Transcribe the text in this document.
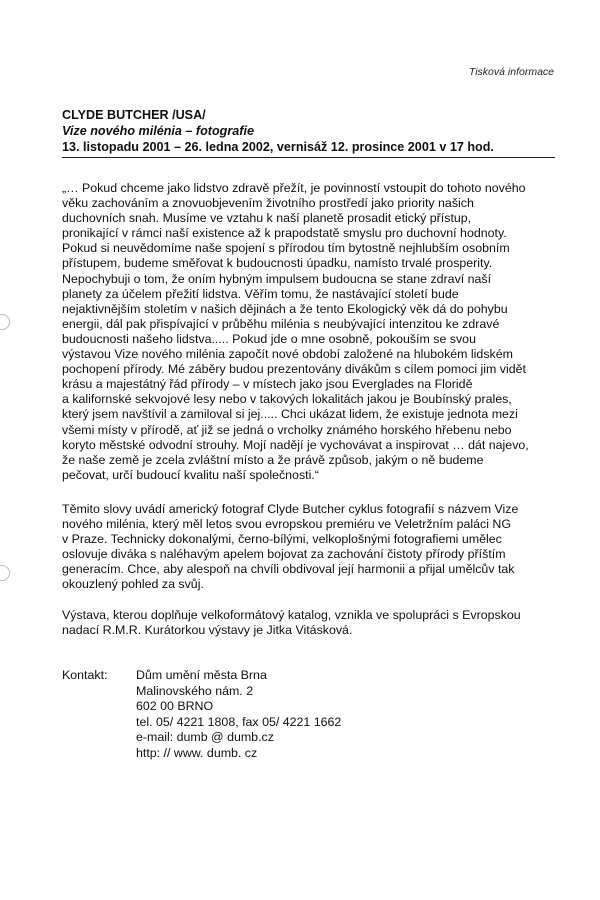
Tisková informace
CLYDE BUTCHER /USA/
Vize nového milénia – fotografie
13. listopadu 2001 – 26. ledna 2002, vernisáž 12. prosince 2001 v 17 hod.
„… Pokud chceme jako lidstvo zdravě přežít, je povinností vstoupit do tohoto nového
věku zachováním a znovuobjevením životního prostředí jako priority našich
duchovních snah. Musíme ve vztahu k naší planetě prosadit etický přístup,
pronikající v rámci naší existence až k prapodstatě smyslu pro duchovní hodnoty.
Pokud si neuvědomíme naše spojení s přírodou tím bytostně nejhlubším osobním
přístupem, budeme směřovat k budoucnosti úpadku, namísto trvalé prosperity.
Nepochybuji o tom, že oním hybným impulsem budoucna se stane zdraví naší
planety za účelem přežití lidstva. Věřím tomu, že nastávající století bude
nejaktivnějším stoletím v našich dějinách a že tento Ekologický věk dá do pohybu
energii, dál pak přispívající v průběhu milénia s neubývající intenzitou ke zdravé
budoucnosti našeho lidstva..... Pokud jde o mne osobně, pokouším se svou
výstavou Vize nového milénia započít nové období založené na hlubokém lidském
pochopení přírody. Mé záběry budou prezentovány divákům s cílem pomoci jim vidět
krásu a majestátný řád přírody – v místech jako jsou Everglades na Floridě
a kalifornské sekvojové lesy nebo v takových lokalitách jakou je Boubínský prales,
který jsem navštívil a zamiloval si jej..... Chci ukázat lidem, že existuje jednota mezi
všemi místy v přírodě, ať již se jedná o vrcholky známého horského hřebenu nebo
koryto městské odvodní strouhy. Mojí nadějí je vychovávat a inspirovat … dát najevo,
že naše země je zcela zvláštní místo a že právě způsob, jakým o ně budeme
pečovat, určí budoucí kvalitu naší společnosti.“
Těmito slovy uvádí americký fotograf Clyde Butcher cyklus fotografií s názvem Vize
nového milénia, který měl letos svou evropskou premiéru ve Veletržním paláci NG
v Praze. Technicky dokonalými, černo-bílými, velkoplošnými fotografiemi umělec
oslovuje diváka s naléhavým apelem bojovat za zachování čistoty přírody příštím
generacím. Chce, aby alespoň na chvíli obdivoval její harmonii a přijal umělcův tak
okouzlený pohled za svůj.
Výstava, kterou doplňuje velkoformátový katalog, vznikla ve spolupráci s Evropskou
nadací R.M.R. Kurátorkou výstavy je Jitka Vitásková.
Kontakt: Dům umění města Brna
Malinovského nám. 2
602 00 BRNO
tel. 05/ 4221 1808, fax 05/ 4221 1662
e-mail: dumb @ dumb.cz
http: // www. dumb. cz
